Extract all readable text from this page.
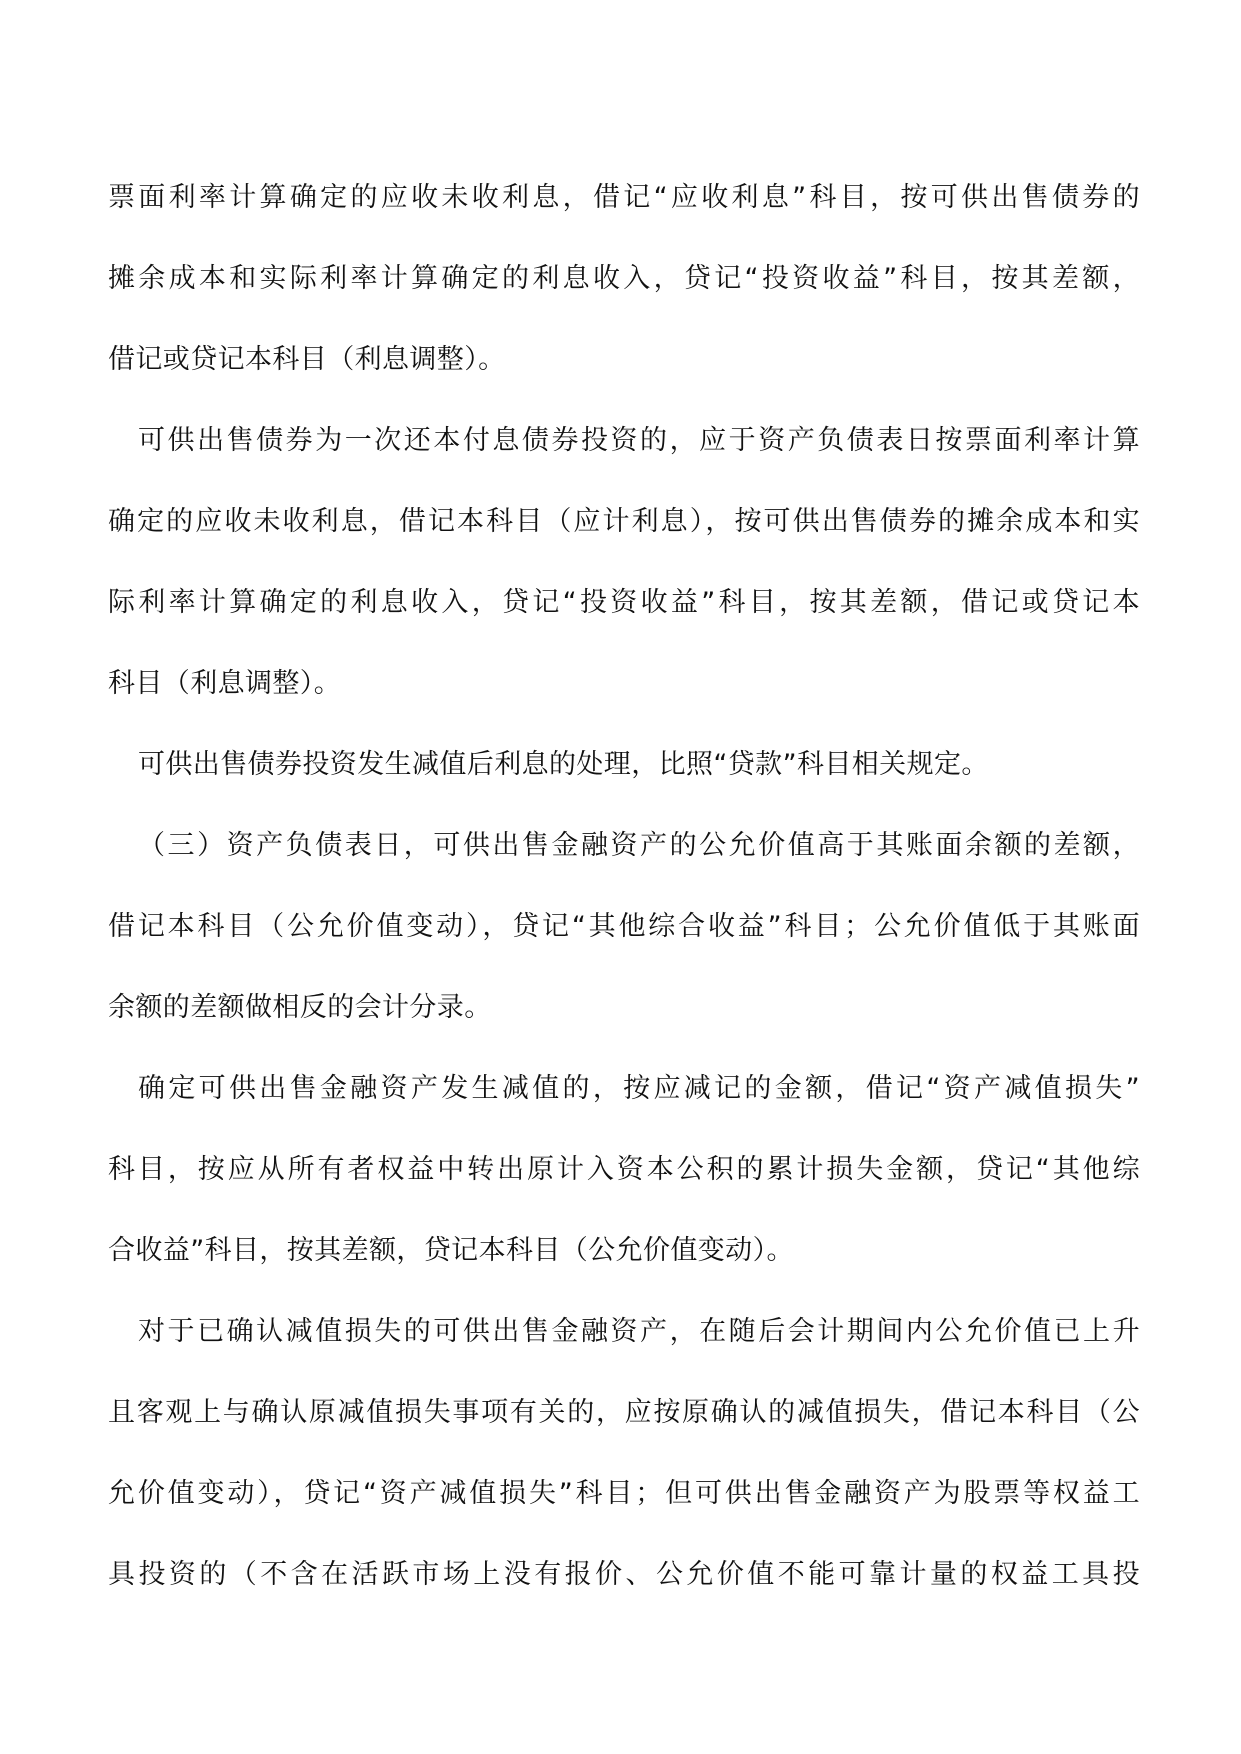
票面利率计算确定的应收未收利息，借记“应收利息”科目，按可供出售债券的
摊余成本和实际利率计算确定的利息收入，贷记“投资收益”科目，按其差额，
借记或贷记本科目（利息调整）。
可供出售债券为一次还本付息债券投资的，应于资产负债表日按票面利率计算
确定的应收未收利息，借记本科目（应计利息），按可供出售债券的摊余成本和实
际利率计算确定的利息收入，贷记“投资收益”科目，按其差额，借记或贷记本
科目（利息调整）。
可供出售债券投资发生减值后利息的处理，比照“贷款”科目相关规定。
（三）资产负债表日，可供出售金融资产的公允价值高于其账面余额的差额，
借记本科目（公允价值变动），贷记“其他综合收益”科目；公允价值低于其账面
余额的差额做相反的会计分录。
确定可供出售金融资产发生减值的，按应减记的金额，借记“资产减值损失”
科目，按应从所有者权益中转出原计入资本公积的累计损失金额，贷记“其他综
合收益”科目，按其差额，贷记本科目（公允价值变动）。
对于已确认减值损失的可供出售金融资产，在随后会计期间内公允价值已上升
且客观上与确认原减值损失事项有关的，应按原确认的减值损失，借记本科目（公
允价值变动），贷记“资产减值损失”科目；但可供出售金融资产为股票等权益工
具投资的（不含在活跃市场上没有报价、公允价值不能可靠计量的权益工具投
